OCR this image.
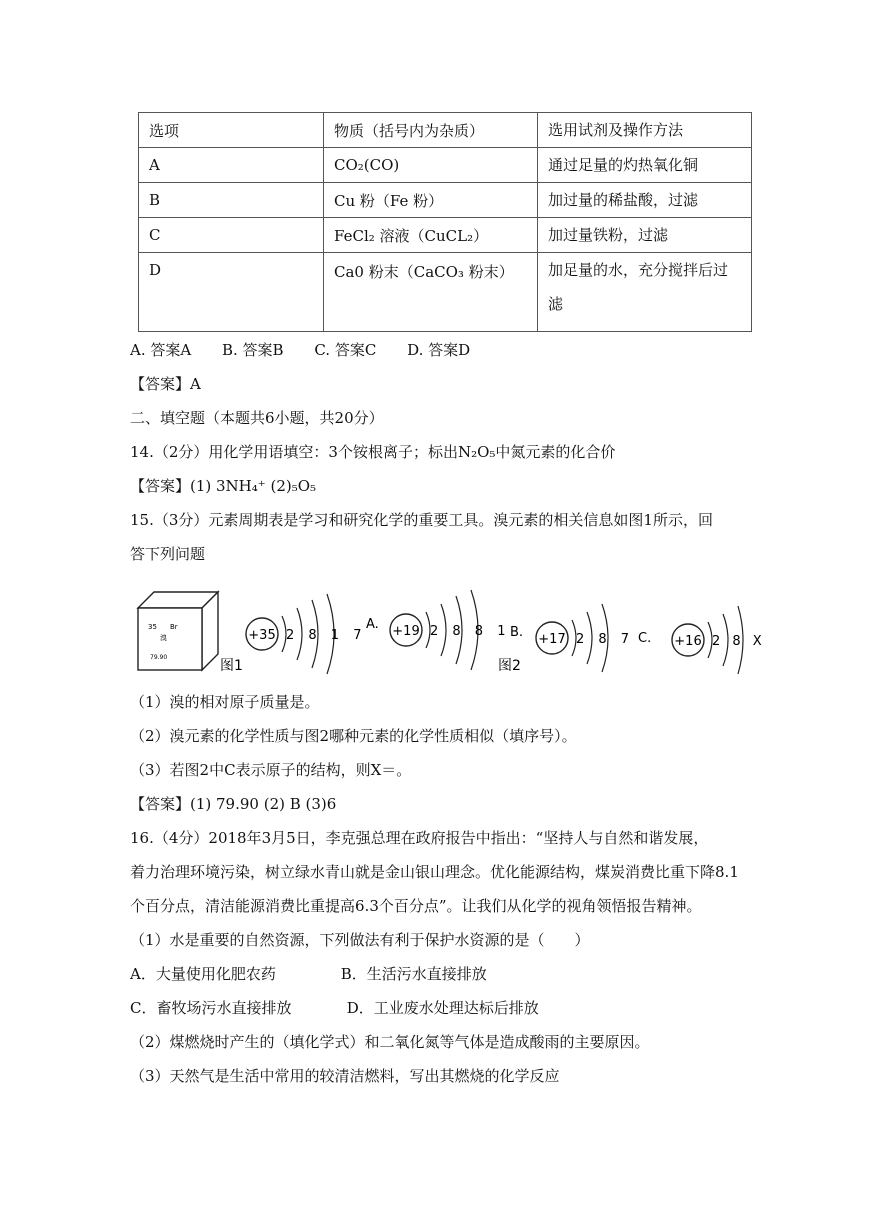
选项	物质（括号内为杂质）	选用试剂及操作方法
A	CO₂(CO)	通过足量的灼热氧化铜
B	Cu 粉（Fe 粉）	加过量的稀盐酸，过滤
C	FeCl₂ 溶液（CuCL₂）	加过量铁粉，过滤
D	Ca0 粉末（CaCO₃ 粉末）	加足量的水，充分搅拌后过滤
A. 答案A B. 答案B C. 答案C D. 答案D
【答案】A
二、填空题（本题共6小题，共20分）
14.（2分）用化学用语填空：3个铵根离子；标出N₂O₅中氮元素的化合价
【答案】(1) 3NH₄⁺ (2)₅O₅
15.（3分）元素周期表是学习和研究化学的重要工具。溴元素的相关信息如图1所示，回
答下列问题
35 Br
溴
79.90
图1
+35 2 8 1 7
A. +19 2 8 8 1 B. +17 2 8 7
图2
C. +16 2 8 X
（1）溴的相对原子质量是。
（2）溴元素的化学性质与图2哪种元素的化学性质相似（填序号）。
（3）若图2中C表示原子的结构，则X＝。
【答案】(1) 79.90 (2) B (3)6
16.（4分）2018年3月5日，李克强总理在政府报告中指出：“坚持人与自然和谐发展，
着力治理环境污染，树立绿水青山就是金山银山理念。优化能源结构，煤炭消费比重下降8.1
个百分点，清洁能源消费比重提高6.3个百分点”。让我们从化学的视角领悟报告精神。
（1）水是重要的自然资源，下列做法有利于保护水资源的是（　　）
A．大量使用化肥农药	B．生活污水直接排放
C．畜牧场污水直接排放	D．工业废水处理达标后排放
（2）煤燃烧时产生的（填化学式）和二氧化氮等气体是造成酸雨的主要原因。
（3）天然气是生活中常用的较清洁燃料，写出其燃烧的化学反应
